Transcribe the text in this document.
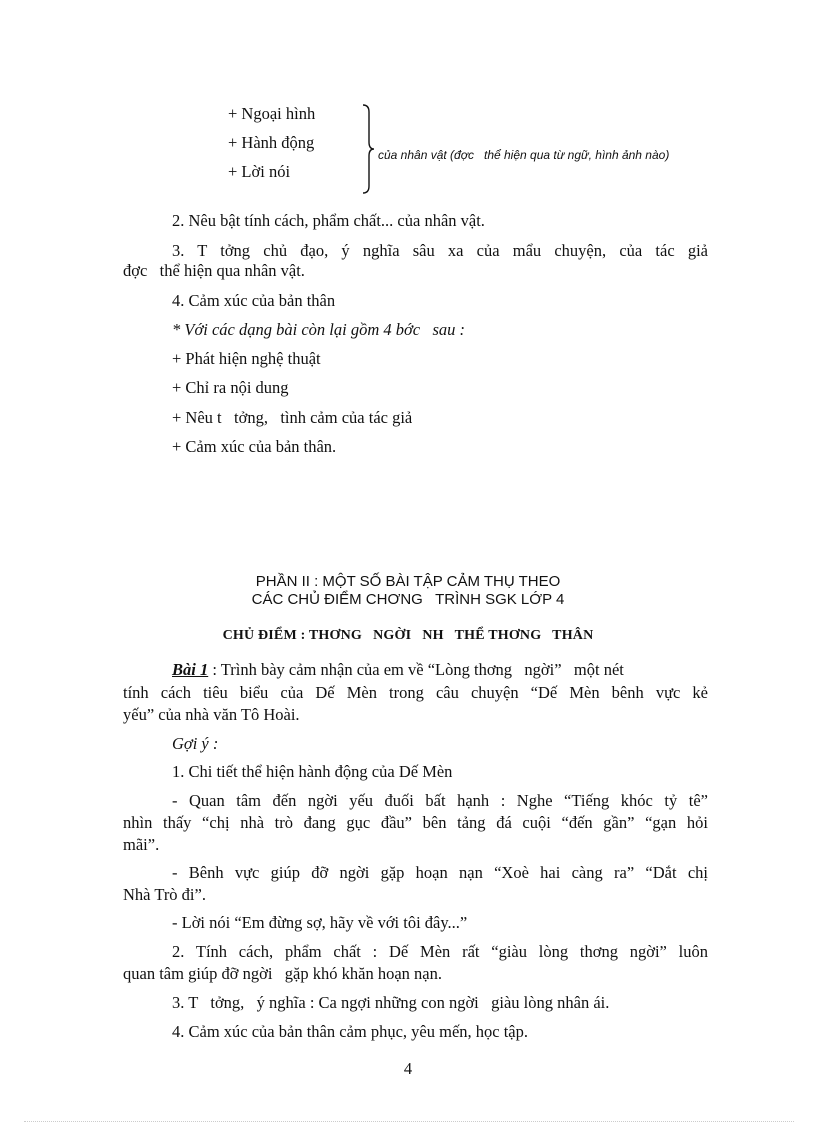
+ Ngoại hình
+ Hành động
+ Lời nói
của nhân vật (đợc   thể hiện qua từ ngữ, hình ảnh nào)
2. Nêu bật tính cách, phẩm chất... của nhân vật.
3. T tởng chủ đạo, ý nghĩa sâu xa của mẩu chuyện, của tác giả
đợc   thể hiện qua nhân vật.
4. Cảm xúc của bản thân
* Với các dạng bài còn lại gồm 4 bớc   sau :
+ Phát hiện nghệ thuật
+ Chỉ ra nội dung
+ Nêu t   tởng,   tình cảm của tác giả
+ Cảm xúc của bản thân.
PHẦN II : MỘT SỐ BÀI TẬP CẢM THỤ THEO
CÁC CHỦ ĐIỂM CHƠNG   TRÌNH SGK LỚP 4
CHỦ ĐIỂM : THƠNG   NGỜI   NH   THỂ THƠNG   THÂN
Bài 1 : Trình bày cảm nhận của em về “Lòng thơng   ngời”   một nét
tính cách tiêu biểu của Dế Mèn trong câu chuyện “Dế Mèn bênh vực kẻ
yếu” của nhà văn Tô Hoài.
Gợi ý :
1. Chi tiết thể hiện hành động của Dế Mèn
- Quan tâm đến ngời yếu đuối bất hạnh : Nghe “Tiếng khóc tỷ tê”
nhìn thấy “chị nhà trò đang gục đầu” bên tảng đá cuội “đến gần” “gạn hỏi
mãi”.
- Bênh vực giúp đỡ ngời gặp hoạn nạn “Xoè hai càng ra” “Dắt chị
Nhà Trò đi”.
- Lời nói “Em đừng sợ, hãy về với tôi đây...”
2. Tính cách, phẩm chất : Dế Mèn rất “giàu lòng thơng ngời” luôn
quan tâm giúp đỡ ngời   gặp khó khăn hoạn nạn.
3. T   tởng,   ý nghĩa : Ca ngợi những con ngời   giàu lòng nhân ái.
4. Cảm xúc của bản thân cảm phục, yêu mến, học tập.
4
